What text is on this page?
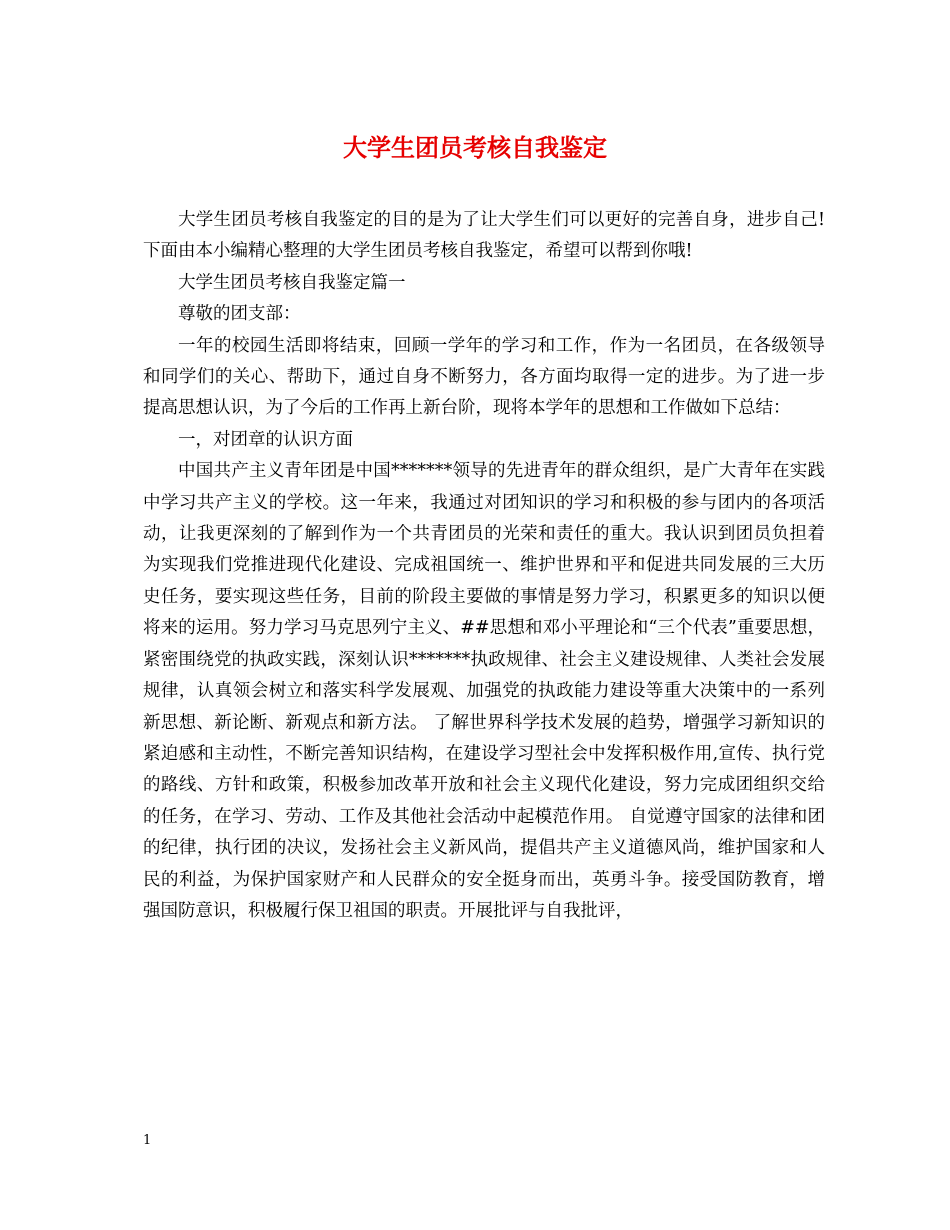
大学生团员考核自我鉴定

大学生团员考核自我鉴定的目的是为了让大学生们可以更好的完善自身，进步自己!下面由本小编精心整理的大学生团员考核自我鉴定，希望可以帮到你哦!

大学生团员考核自我鉴定篇一

尊敬的团支部：

一年的校园生活即将结束，回顾一学年的学习和工作，作为一名团员，在各级领导和同学们的关心、帮助下，通过自身不断努力，各方面均取得一定的进步。为了进一步提高思想认识，为了今后的工作再上新台阶，现将本学年的思想和工作做如下总结：

一，对团章的认识方面

中国共产主义青年团是中国*******领导的先进青年的群众组织，是广大青年在实践中学习共产主义的学校。这一年来，我通过对团知识的学习和积极的参与团内的各项活动，让我更深刻的了解到作为一个共青团员的光荣和责任的重大。我认识到团员负担着为实现我们党推进现代化建设、完成祖国统一、维护世界和平和促进共同发展的三大历史任务，要实现这些任务，目前的阶段主要做的事情是努力学习，积累更多的知识以便将来的运用。努力学习马克思列宁主义、##思想和邓小平理论和“三个代表”重要思想，紧密围绕党的执政实践，深刻认识*******执政规律、社会主义建设规律、人类社会发展规律，认真领会树立和落实科学发展观、加强党的执政能力建设等重大决策中的一系列新思想、新论断、新观点和新方法。 了解世界科学技术发展的趋势，增强学习新知识的紧迫感和主动性，不断完善知识结构，在建设学习型社会中发挥积极作用,宣传、执行党的路线、方针和政策，积极参加改革开放和社会主义现代化建设，努力完成团组织交给的任务，在学习、劳动、工作及其他社会活动中起模范作用。 自觉遵守国家的法律和团的纪律，执行团的决议，发扬社会主义新风尚，提倡共产主义道德风尚，维护国家和人民的利益，为保护国家财产和人民群众的安全挺身而出，英勇斗争。接受国防教育，增强国防意识，积极履行保卫祖国的职责。开展批评与自我批评，

1
